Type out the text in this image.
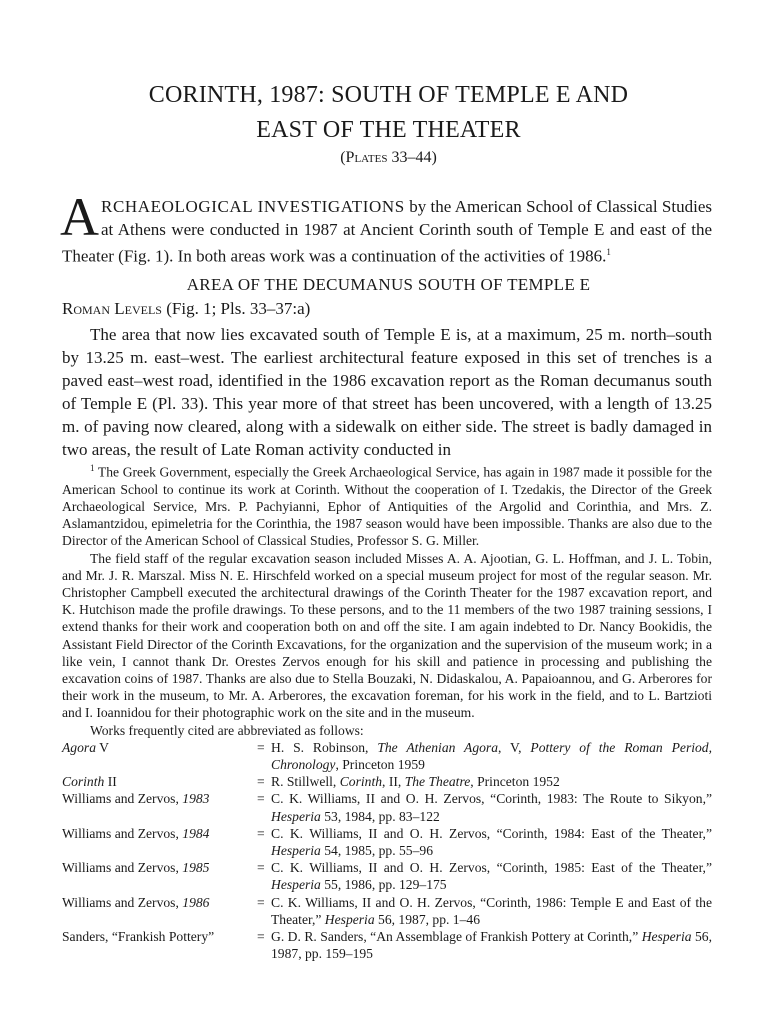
CORINTH, 1987: SOUTH OF TEMPLE E AND
EAST OF THE THEATER
(Plates 33–44)
ARCHAEOLOGICAL INVESTIGATIONS by the American School of Classical Studies at Athens were conducted in 1987 at Ancient Corinth south of Temple E and east of the Theater (Fig. 1). In both areas work was a continuation of the activities of 1986.$^1$
AREA OF THE DECUMANUS SOUTH OF TEMPLE E
Roman Levels (Fig. 1; Pls. 33–37:a)
The area that now lies excavated south of Temple E is, at a maximum, 25 m. north–south by 13.25 m. east–west. The earliest architectural feature exposed in this set of trenches is a paved east–west road, identified in the 1986 excavation report as the Roman decumanus south of Temple E (Pl. 33). This year more of that street has been uncovered, with a length of 13.25 m. of paving now cleared, along with a sidewalk on either side. The street is badly damaged in two areas, the result of Late Roman activity conducted in

$^1$ The Greek Government, especially the Greek Archaeological Service, has again in 1987 made it possible for the American School to continue its work at Corinth. Without the cooperation of I. Tzedakis, the Director of the Greek Archaeological Service, Mrs. P. Pachyianni, Ephor of Antiquities of the Argolid and Corinthia, and Mrs. Z. Aslamantzidou, epimeletria for the Corinthia, the 1987 season would have been impossible. Thanks are also due to the Director of the American School of Classical Studies, Professor S. G. Miller.

The field staff of the regular excavation season included Misses A. A. Ajootian, G. L. Hoffman, and J. L. Tobin, and Mr. J. R. Marszal. Miss N. E. Hirschfeld worked on a special museum project for most of the regular season. Mr. Christopher Campbell executed the architectural drawings of the Corinth Theater for the 1987 excavation report, and K. Hutchison made the profile drawings. To these persons, and to the 11 members of the two 1987 training sessions, I extend thanks for their work and cooperation both on and off the site. I am again indebted to Dr. Nancy Bookidis, the Assistant Field Director of the Corinth Excavations, for the organization and the supervision of the museum work; in a like vein, I cannot thank Dr. Orestes Zervos enough for his skill and patience in processing and publishing the excavation coins of 1987. Thanks are also due to Stella Bouzaki, N. Didaskalou, A. Papaioannou, and G. Arberores for their work in the museum, to Mr. A. Arberores, the excavation foreman, for his work in the field, and to L. Bartzioti and I. Ioannidou for their photographic work on the site and in the museum.

Works frequently cited are abbreviated as follows:
Agora V	=	H. S. Robinson, The Athenian Agora, V, Pottery of the Roman Period, Chronology, Princeton 1959
Corinth II	=	R. Stillwell, Corinth, II, The Theatre, Princeton 1952
Williams and Zervos, 1983	=	C. K. Williams, II and O. H. Zervos, “Corinth, 1983: The Route to Sikyon,” Hesperia 53, 1984, pp. 83–122
Williams and Zervos, 1984	=	C. K. Williams, II and O. H. Zervos, “Corinth, 1984: East of the Theater,” Hesperia 54, 1985, pp. 55–96
Williams and Zervos, 1985	=	C. K. Williams, II and O. H. Zervos, “Corinth, 1985: East of the Theater,” Hesperia 55, 1986, pp. 129–175
Williams and Zervos, 1986	=	C. K. Williams, II and O. H. Zervos, “Corinth, 1986: Temple E and East of the Theater,” Hesperia 56, 1987, pp. 1–46
Sanders, “Frankish Pottery”	=	G. D. R. Sanders, “An Assemblage of Frankish Pottery at Corinth,” Hesperia 56, 1987, pp. 159–195
